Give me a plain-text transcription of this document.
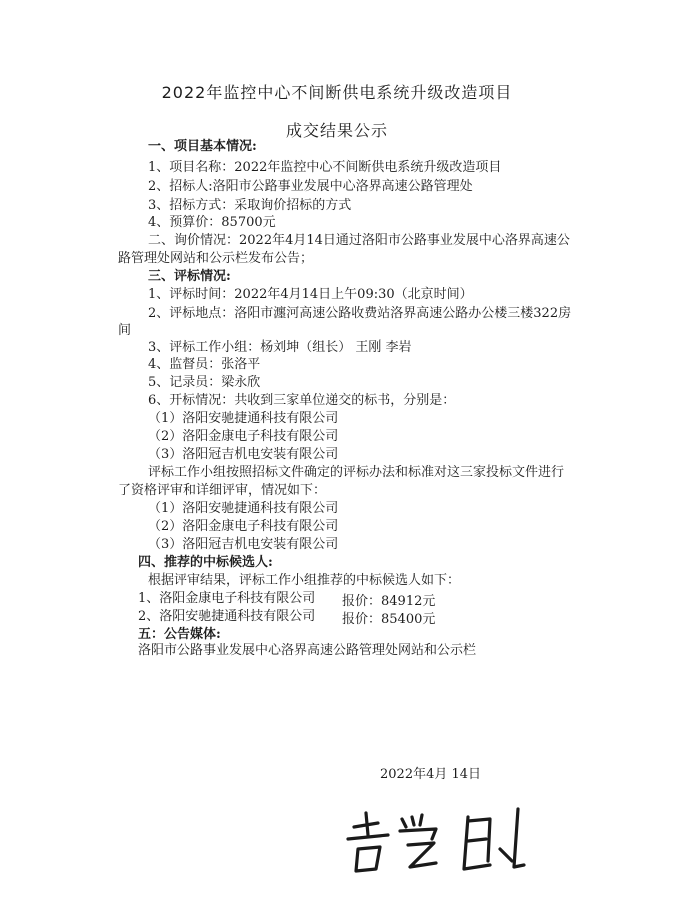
2022年监控中心不间断供电系统升级改造项目
成交结果公示
一、项目基本情况:
1、项目名称：2022年监控中心不间断供电系统升级改造项目
2、招标人:洛阳市公路事业发展中心洛界高速公路管理处
3、招标方式：采取询价招标的方式
4、预算价：85700元
二、询价情况：2022年4月14日通过洛阳市公路事业发展中心洛界高速公
路管理处网站和公示栏发布公告；
三、评标情况:
1、评标时间：2022年4月14日上午09:30（北京时间）
2、评标地点：洛阳市瀍河高速公路收费站洛界高速公路办公楼三楼322房
间
3、评标工作小组：杨刘坤（组长） 王刚 李岩
4、监督员：张洛平
5、记录员：梁永欣
6、开标情况：共收到三家单位递交的标书，分别是：
（1）洛阳安驰捷通科技有限公司
（2）洛阳金康电子科技有限公司
（3）洛阳冠吉机电安装有限公司
评标工作小组按照招标文件确定的评标办法和标准对这三家投标文件进行
了资格评审和详细评审，情况如下：
（1）洛阳安驰捷通科技有限公司
（2）洛阳金康电子科技有限公司
（3）洛阳冠吉机电安装有限公司
四、推荐的中标候选人:
根据评审结果，评标工作小组推荐的中标候选人如下：
1、洛阳金康电子科技有限公司 报价：84912元
2、洛阳安驰捷通科技有限公司 报价：85400元
五：公告媒体:
洛阳市公路事业发展中心洛界高速公路管理处网站和公示栏
2022年4月 14日
